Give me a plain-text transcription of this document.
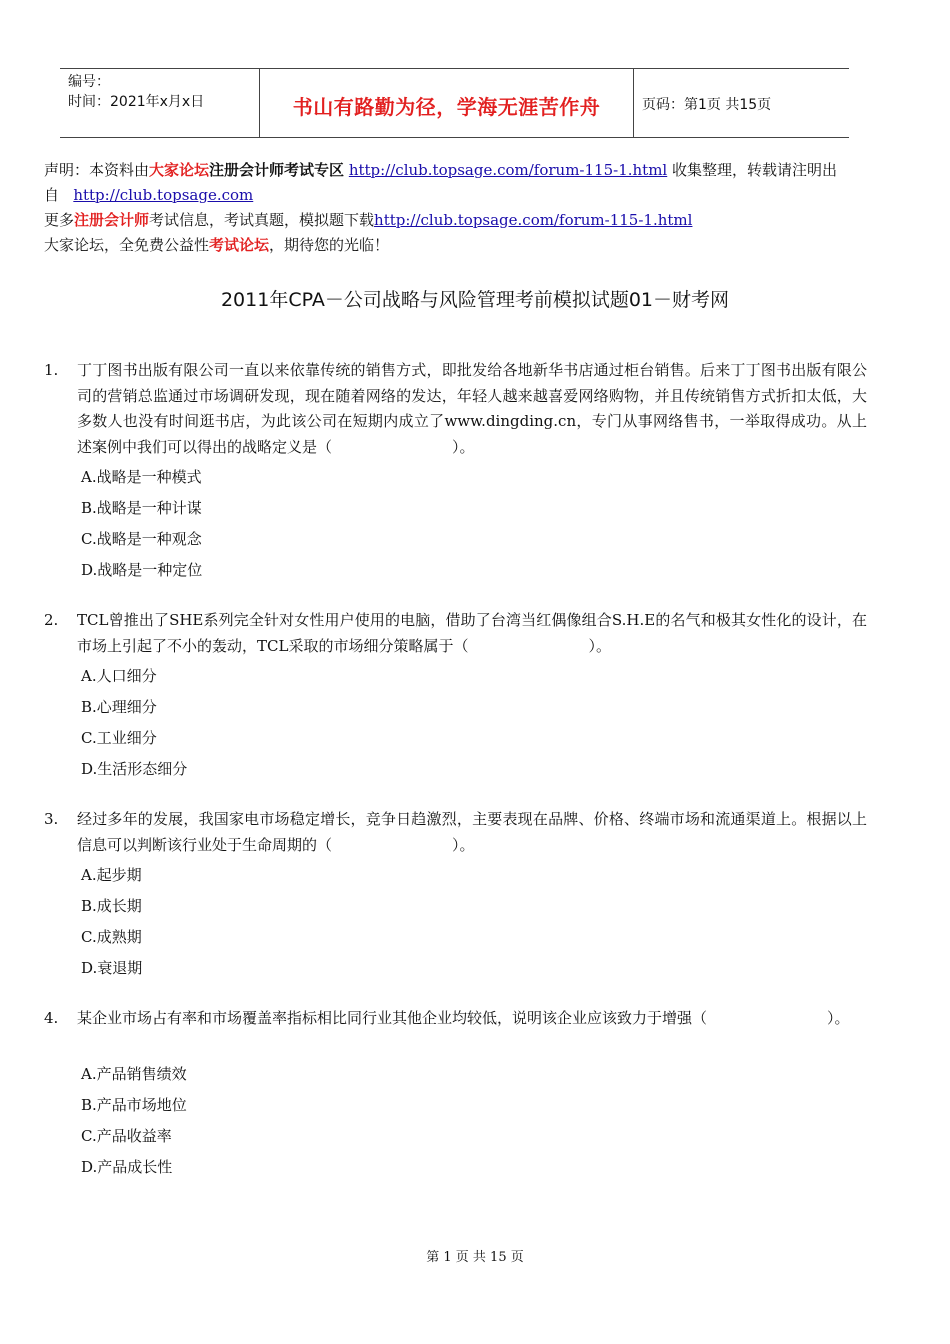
编号：
时间：2021年x月x日	书山有路勤为径，学海无涯苦作舟	页码：第1页 共15页
声明：本资料由大家论坛注册会计师考试专区 http://club.topsage.com/forum-115-1.html 收集整理，转载请注明出
自 http://club.topsage.com
更多注册会计师考试信息，考试真题，模拟题下载http://club.topsage.com/forum-115-1.html
大家论坛，全免费公益性考试论坛，期待您的光临！
2011年CPA－公司战略与风险管理考前模拟试题01－财考网
1.	丁丁图书出版有限公司一直以来依靠传统的销售方式，即批发给各地新华书店通过柜台销售。后来丁丁图书出版有限公司的营销总监通过市场调研发现，现在随着网络的发达，年轻人越来越喜爱网络购物，并且传统销售方式折扣太低，大多数人也没有时间逛书店，为此该公司在短期内成立了www.dingding.cn，专门从事网络售书，一举取得成功。从上述案例中我们可以得出的战略定义是（　　　　　　　　）。
A.战略是一种模式
B.战略是一种计谋
C.战略是一种观念
D.战略是一种定位
2.	TCL曾推出了SHE系列完全针对女性用户使用的电脑，借助了台湾当红偶像组合S.H.E的名气和极其女性化的设计，在市场上引起了不小的轰动，TCL采取的市场细分策略属于（　　　　　　　　）。
A.人口细分
B.心理细分
C.工业细分
D.生活形态细分
3.	经过多年的发展，我国家电市场稳定增长，竞争日趋激烈，主要表现在品牌、价格、终端市场和流通渠道上。根据以上信息可以判断该行业处于生命周期的（　　　　　　　　）。
A.起步期
B.成长期
C.成熟期
D.衰退期
4.	某企业市场占有率和市场覆盖率指标相比同行业其他企业均较低，说明该企业应该致力于增强（　　　　　　　　）。
A.产品销售绩效
B.产品市场地位
C.产品收益率
D.产品成长性
第 1 页 共 15 页
